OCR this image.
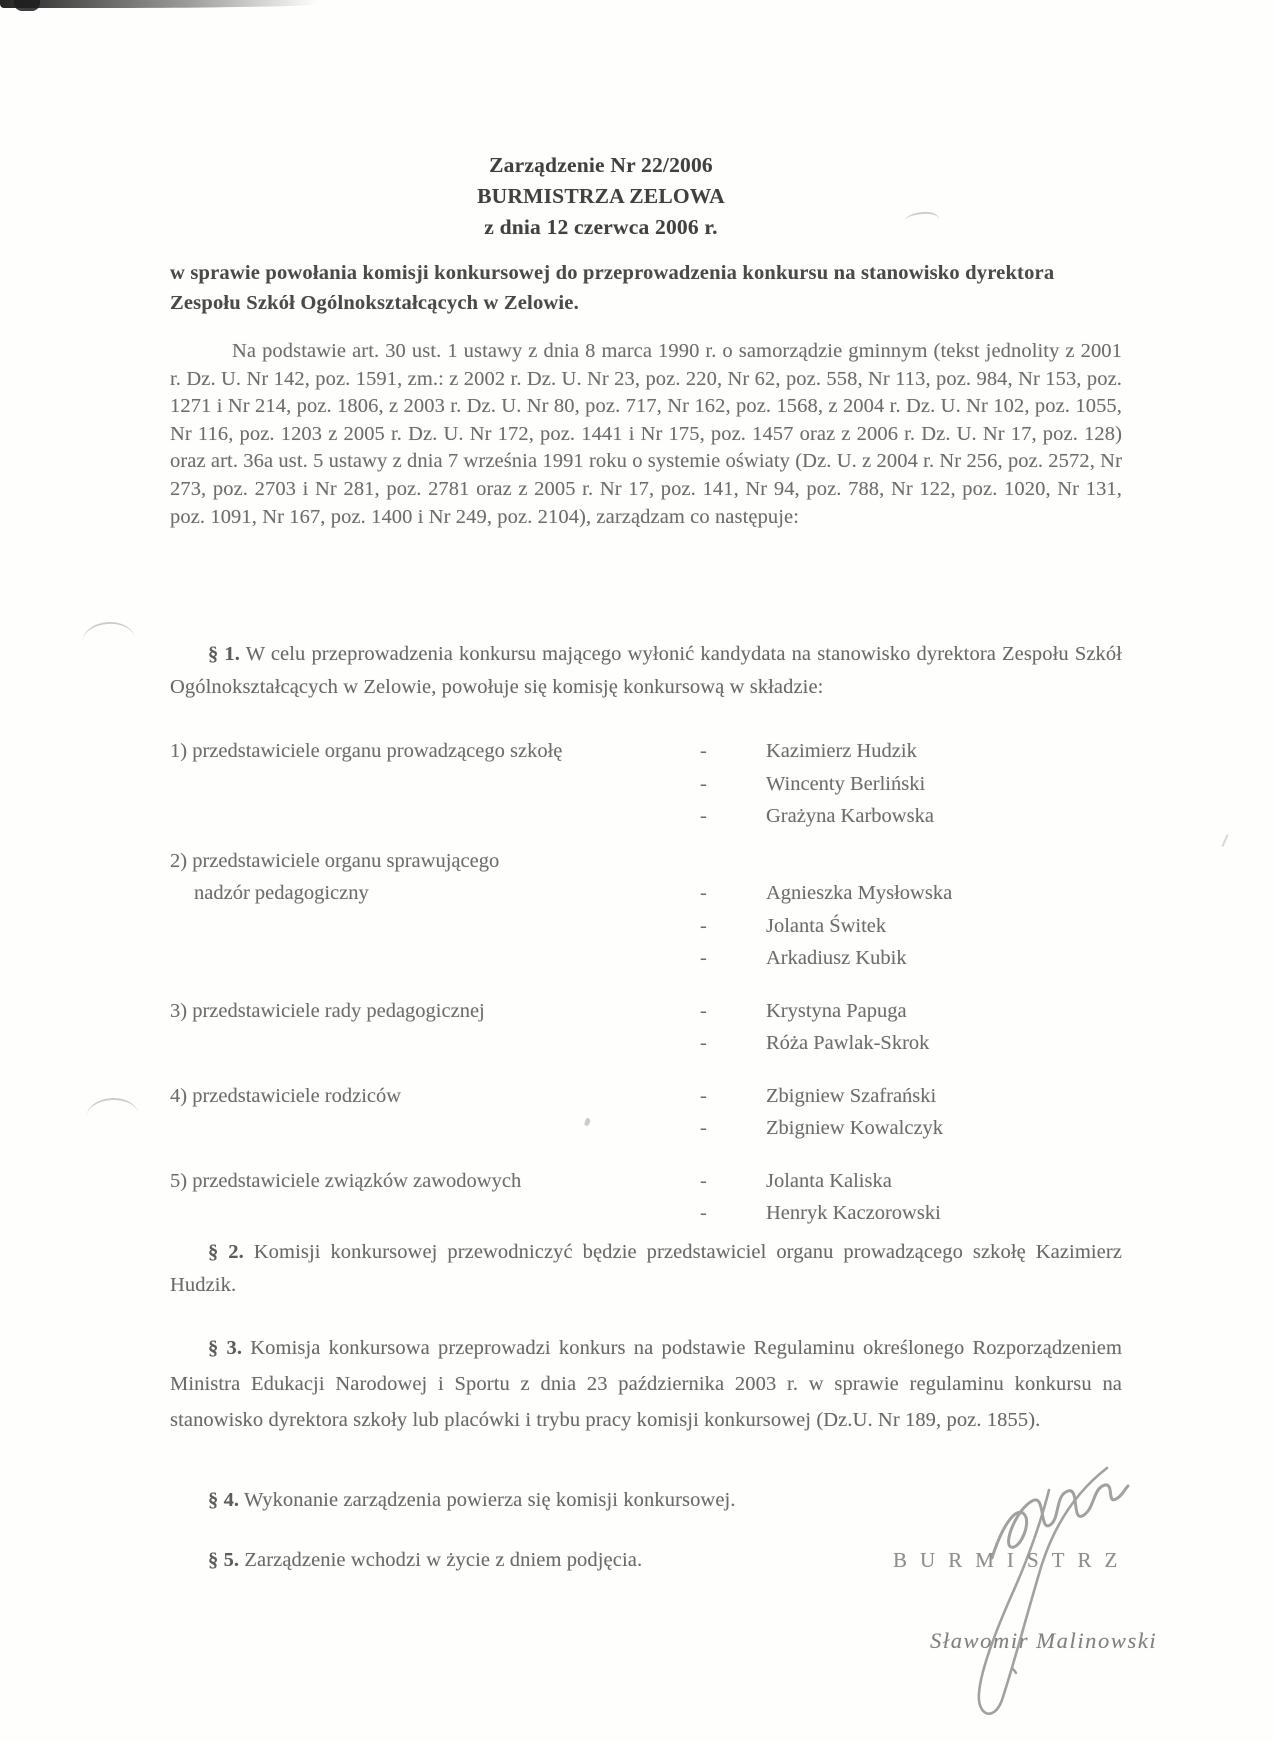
Zarządzenie Nr 22/2006
BURMISTRZA ZELOWA
z dnia 12 czerwca 2006 r.
w sprawie powołania komisji konkursowej do przeprowadzenia konkursu na stanowisko dyrektora Zespołu Szkół Ogólnokształcących w Zelowie.
Na podstawie art. 30 ust. 1 ustawy z dnia 8 marca 1990 r. o samorządzie gminnym (tekst jednolity z 2001 r. Dz. U. Nr 142, poz. 1591, zm.: z 2002 r. Dz. U. Nr 23, poz. 220, Nr 62, poz. 558, Nr 113, poz. 984, Nr 153, poz. 1271 i Nr 214, poz. 1806, z 2003 r. Dz. U. Nr 80, poz. 717, Nr 162, poz. 1568, z 2004 r. Dz. U. Nr 102, poz. 1055, Nr 116, poz. 1203 z 2005 r. Dz. U. Nr 172, poz. 1441 i Nr 175, poz. 1457 oraz z 2006 r. Dz. U. Nr 17, poz. 128) oraz art. 36a ust. 5 ustawy z dnia 7 września 1991 roku o systemie oświaty (Dz. U. z 2004 r. Nr 256, poz. 2572, Nr 273, poz. 2703 i Nr 281, poz. 2781 oraz z 2005 r. Nr 17, poz. 141, Nr 94, poz. 788, Nr 122, poz. 1020, Nr 131, poz. 1091, Nr 167, poz. 1400 i Nr 249, poz. 2104), zarządzam co następuje:
§ 1. W celu przeprowadzenia konkursu mającego wyłonić kandydata na stanowisko dyrektora Zespołu Szkół Ogólnokształcących w Zelowie, powołuje się komisję konkursową w składzie:
1) przedstawiciele organu prowadzącego szkołę	-	Kazimierz Hudzik
-	Wincenty Berliński
-	Grażyna Karbowska
2) przedstawiciele organu sprawującego
nadzór pedagogiczny	-	Agnieszka Mysłowska
-	Jolanta Świtek
-	Arkadiusz Kubik
3) przedstawiciele rady pedagogicznej	-	Krystyna Papuga
-	Róża Pawlak-Skrok
4) przedstawiciele rodziców	-	Zbigniew Szafrański
-	Zbigniew Kowalczyk
5) przedstawiciele związków zawodowych	-	Jolanta Kaliska
-	Henryk Kaczorowski
§ 2. Komisji konkursowej przewodniczyć będzie przedstawiciel organu prowadzącego szkołę Kazimierz Hudzik.
§ 3. Komisja konkursowa przeprowadzi konkurs na podstawie Regulaminu określonego Rozporządzeniem Ministra Edukacji Narodowej i Sportu z dnia 23 października 2003 r. w sprawie regulaminu konkursu na stanowisko dyrektora szkoły lub placówki i trybu pracy komisji konkursowej (Dz.U. Nr 189, poz. 1855).
§ 4. Wykonanie zarządzenia powierza się komisji konkursowej.
§ 5. Zarządzenie wchodzi w życie z dniem podjęcia.	BURMISTRZ
Sławomir Malinowski
